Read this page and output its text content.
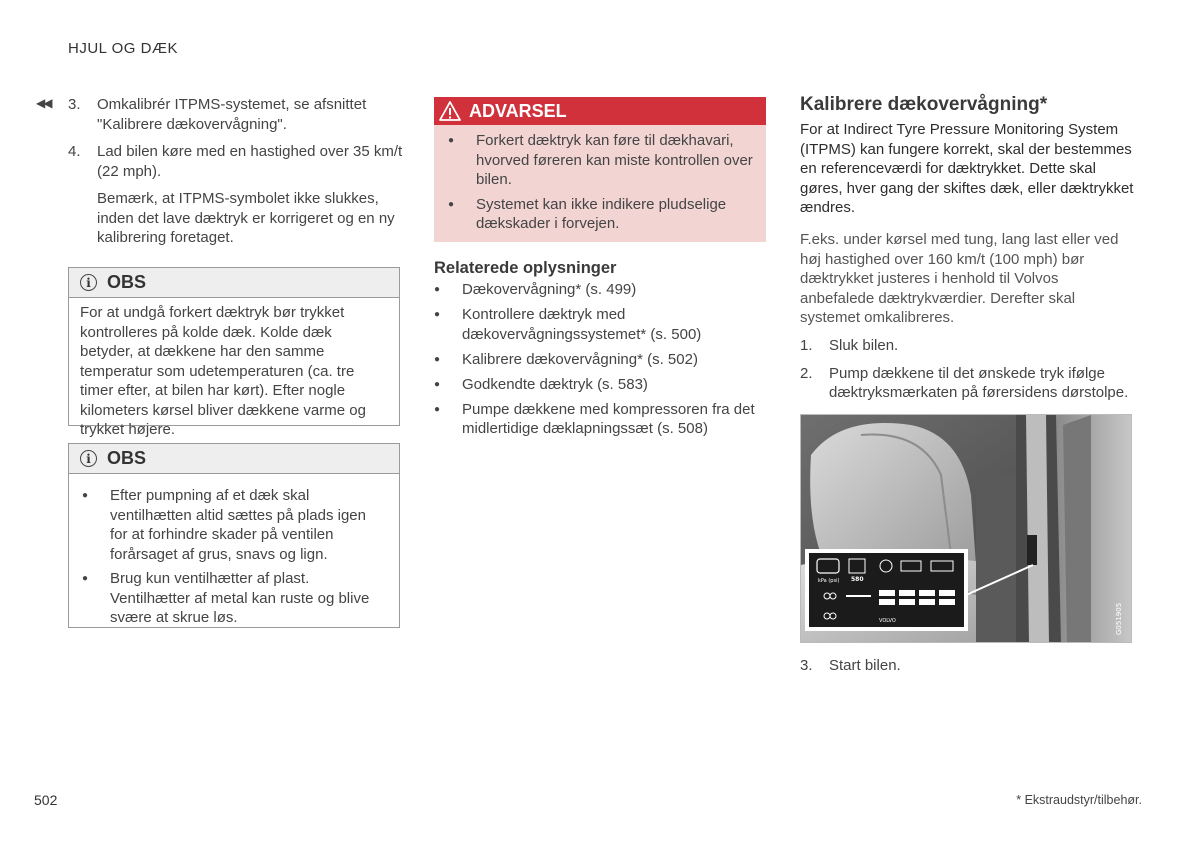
HJUL OG DÆK
◀◀ 3.	Omkalibrér ITPMS-systemet, se afsnittet "Kalibrere dækovervågning".
4.	Lad bilen køre med en hastighed over 35 km/t (22 mph).
Bemærk, at ITPMS-symbolet ikke slukkes, inden det lave dæktryk er korrigeret og en ny kalibrering foretaget.
i OBS
For at undgå forkert dæktryk bør trykket kontrolleres på kolde dæk. Kolde dæk betyder, at dækkene har den samme temperatur som udetemperaturen (ca. tre timer efter, at bilen har kørt). Efter nogle kilometers kørsel bliver dækkene varme og trykket højere.
i OBS
●	Efter pumpning af et dæk skal ventilhætten altid sættes på plads igen for at forhindre skader på ventilen forårsaget af grus, snavs og lign.
●	Brug kun ventilhætter af plast. Ventilhætter af metal kan ruste og blive svære at skrue løs.
ADVARSEL
●	Forkert dæktryk kan føre til dækhavari, hvorved føreren kan miste kontrollen over bilen.
●	Systemet kan ikke indikere pludselige dækskader i forvejen.
Relaterede oplysninger
●	Dækovervågning* (s. 499)
●	Kontrollere dæktryk med dækovervågningssystemet* (s. 500)
●	Kalibrere dækovervågning* (s. 502)
●	Godkendte dæktryk (s. 583)
●	Pumpe dækkene med kompressoren fra det midlertidige dæklapningssæt (s. 508)
Kalibrere dækovervågning*
For at Indirect Tyre Pressure Monitoring System (ITPMS) kan fungere korrekt, skal der bestemmes en referenceværdi for dæktrykket. Dette skal gøres, hver gang der skiftes dæk, eller dæktrykket ændres.
F.eks. under kørsel med tung, lang last eller ved høj hastighed over 160 km/t (100 mph) bør dæktrykket justeres i henhold til Volvos anbefalede dæktrykværdier. Derefter skal systemet omkalibreres.
1.	Sluk bilen.
2.	Pump dækkene til det ønskede tryk ifølge dæktryksmærkaten på førersidens dørstolpe.
kPa (psi) 580
VOLVO	G051905
3. Start bilen.
502	* Ekstraudstyr/tilbehør.
